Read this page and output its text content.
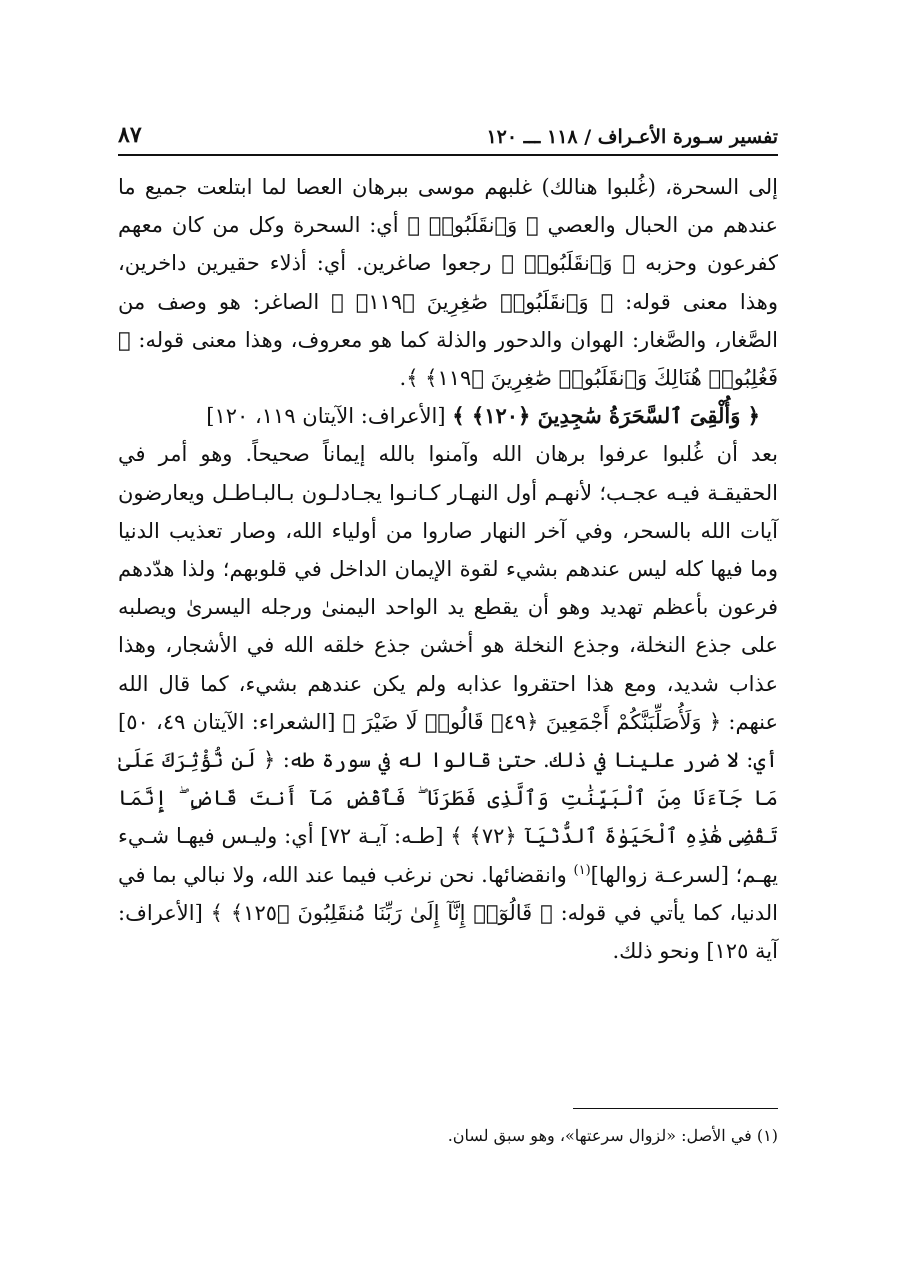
تفسير سـورة الأعـراف / ١١٨ ـــ ١٢٠
٨٧

إلى السحرة، (غُلبوا هنالك) غلبهم موسى ببرهان العصا لما ابتلعت جميع ما عندهم من الحبال والعصي ﴿ وَٱنقَلَبُوا۟ ﴾ أي: السحرة وكل من كان معهم كفرعون وحزبه ﴿ وَٱنقَلَبُوا۟ ﴾ رجعوا صاغرين. أي: أذلاء حقيرين داخرين، وهذا معنى قوله: ﴿ وَٱنقَلَبُوا۟ صَٰغِرِينَ ﴿١١٩﴾ ﴾ الصاغر: هو وصف من الصَّغار، والصَّغار: الهوان والدحور والذلة كما هو معروف، وهذا معنى قوله: ﴿ فَغُلِبُوا۟ هُنَالِكَ وَٱنقَلَبُوا۟ صَٰغِرِينَ ﴿١١٩﴾ ﴾.

﴿ وَأُلْقِىَ ٱلسَّحَرَةُ سَٰجِدِينَ ﴿١٢٠﴾ ﴾ [الأعراف: الآيتان ١١٩، ١٢٠]

بعد أن غُلبوا عرفوا برهان الله وآمنوا بالله إيماناً صحيحاً. وهو أمر في الحقيقـة فيـه عجـب؛ لأنهـم أول النهـار كـانـوا يجـادلـون بـالبـاطـل ويعارضون آيات الله بالسحر، وفي آخر النهار صاروا من أولياء الله، وصار تعذيب الدنيا وما فيها كله ليس عندهم بشيء لقوة الإيمان الداخل في قلوبهم؛ ولذا هدّدهم فرعون بأعظم تهديد وهو أن يقطع يد الواحد اليمنىٰ ورجله اليسرىٰ ويصلبه على جذع النخلة، وجذع النخلة هو أخشن جذع خلقه الله في الأشجار، وهذا عذاب شديد، ومع هذا احتقروا عذابه ولم يكن عندهم بشيء، كما قال الله عنهم: ﴿ وَلَأُصَلِّبَنَّكُمْ أَجْمَعِينَ ﴿٤٩﴾ قَالُوا۟ لَا ضَيْرَ ﴾ [الشعراء: الآيتان ٤٩، ٥٠] أي: لا ضرر علينا في ذلك. حتىٰ قالوا له في سورة طه: ﴿ لَن نُّؤْثِرَكَ عَلَىٰ مَا جَآءَنَا مِنَ ٱلْبَيِّنَٰتِ وَٱلَّذِى فَطَرَنَا ۖ فَٱقْضِ مَآ أَنتَ قَاضٍ ۖ إِنَّمَا تَقْضِى هَٰذِهِ ٱلْحَيَوٰةَ ٱلدُّنْيَآ ﴿٧٢﴾ ﴾ [طـه: آيـة ٧٢] أي: وليـس فيهـا شـيء يهـم؛ [لسرعـة زوالها]$^{(١)}$ وانقضائها. نحن نرغب فيما عند الله، ولا نبالي بما في الدنيا، كما يأتي في قوله: ﴿ قَالُوٓا۟ إِنَّآ إِلَىٰ رَبِّنَا مُنقَلِبُونَ ﴿١٢٥﴾ ﴾ [الأعراف: آية ١٢٥] ونحو ذلك.

(١) في الأصل: «لزوال سرعتها»، وهو سبق لسان.
